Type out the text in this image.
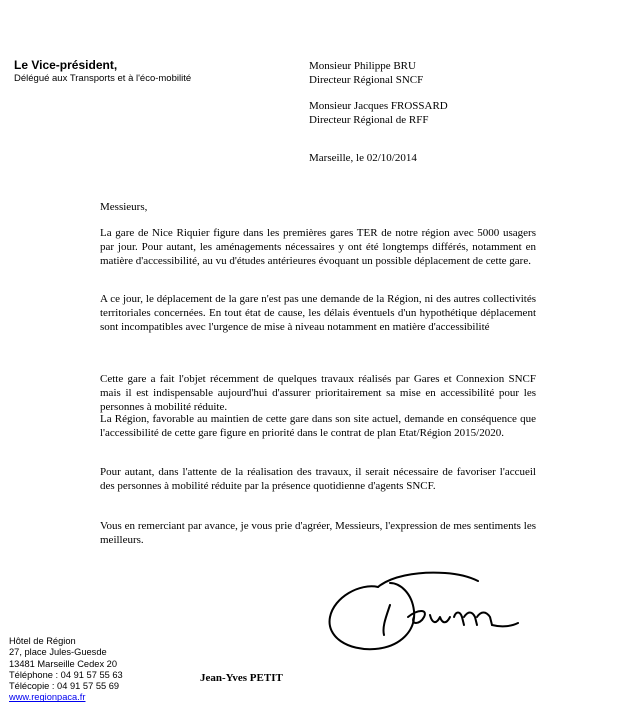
Le Vice-président,
Délégué aux Transports et à l'éco-mobilité
Monsieur Philippe BRU
Directeur Régional SNCF
Monsieur Jacques FROSSARD
Directeur Régional de RFF
Marseille, le 02/10/2014
Messieurs,

La gare de Nice Riquier figure dans les premières gares TER de notre région avec 5000 usagers par jour. Pour autant, les aménagements nécessaires y ont été longtemps différés, notamment en matière d'accessibilité, au vu d'études antérieures évoquant un possible déplacement de cette gare.

A ce jour, le déplacement de la gare n'est pas une demande de la Région, ni des autres collectivités territoriales concernées. En tout état de cause, les délais éventuels d'un hypothétique déplacement sont incompatibles avec l'urgence de mise à niveau notamment en matière d'accessibilité

Cette gare a fait l'objet récemment de quelques travaux réalisés par Gares et Connexion SNCF mais il est indispensable aujourd'hui d'assurer prioritairement sa mise en accessibilité pour les personnes à mobilité réduite.

La Région, favorable au maintien de cette gare dans son site actuel, demande en conséquence que l'accessibilité de cette gare figure en priorité dans le contrat de plan Etat/Région 2015/2020.

Pour autant, dans l'attente de la réalisation des travaux, il serait nécessaire de favoriser l'accueil des personnes à mobilité réduite par la présence quotidienne d'agents SNCF.

Vous en remerciant par avance, je vous prie d'agréer, Messieurs, l'expression de mes sentiments les meilleurs.

Jean-Yves PETIT
Hôtel de Région
27, place Jules-Guesde
13481 Marseille Cedex 20
Téléphone : 04 91 57 55 63
Télécopie : 04 91 57 55 69
www.regionpaca.fr
